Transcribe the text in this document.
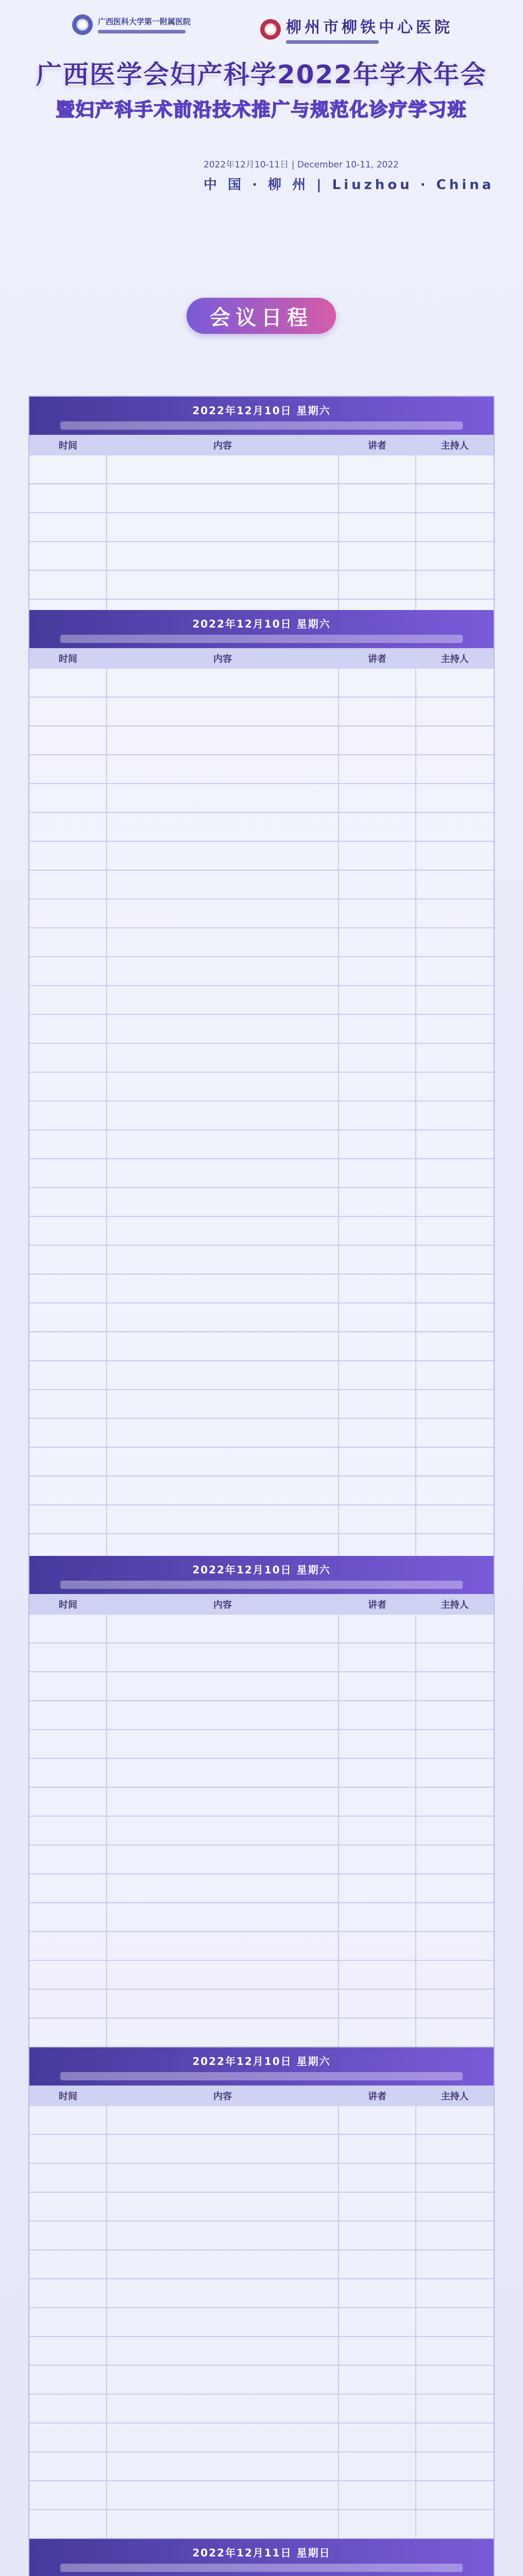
广西医科大学第一附属医院	柳州市柳铁中心医院
广西医学会妇产科学2022年学术年会
暨妇产科手术前沿技术推广与规范化诊疗学习班
2022年12月10-11日 | December 10-11, 2022
中 国 · 柳 州 | Liuzhou · China
会议日程
2022年12月10日 星期六
时间	内容	讲者	主持人
2022年12月10日 星期六
时间	内容	讲者	主持人
2022年12月10日 星期六
时间	内容	讲者	主持人
2022年12月10日 星期六
时间	内容	讲者	主持人
2022年12月11日 星期日
